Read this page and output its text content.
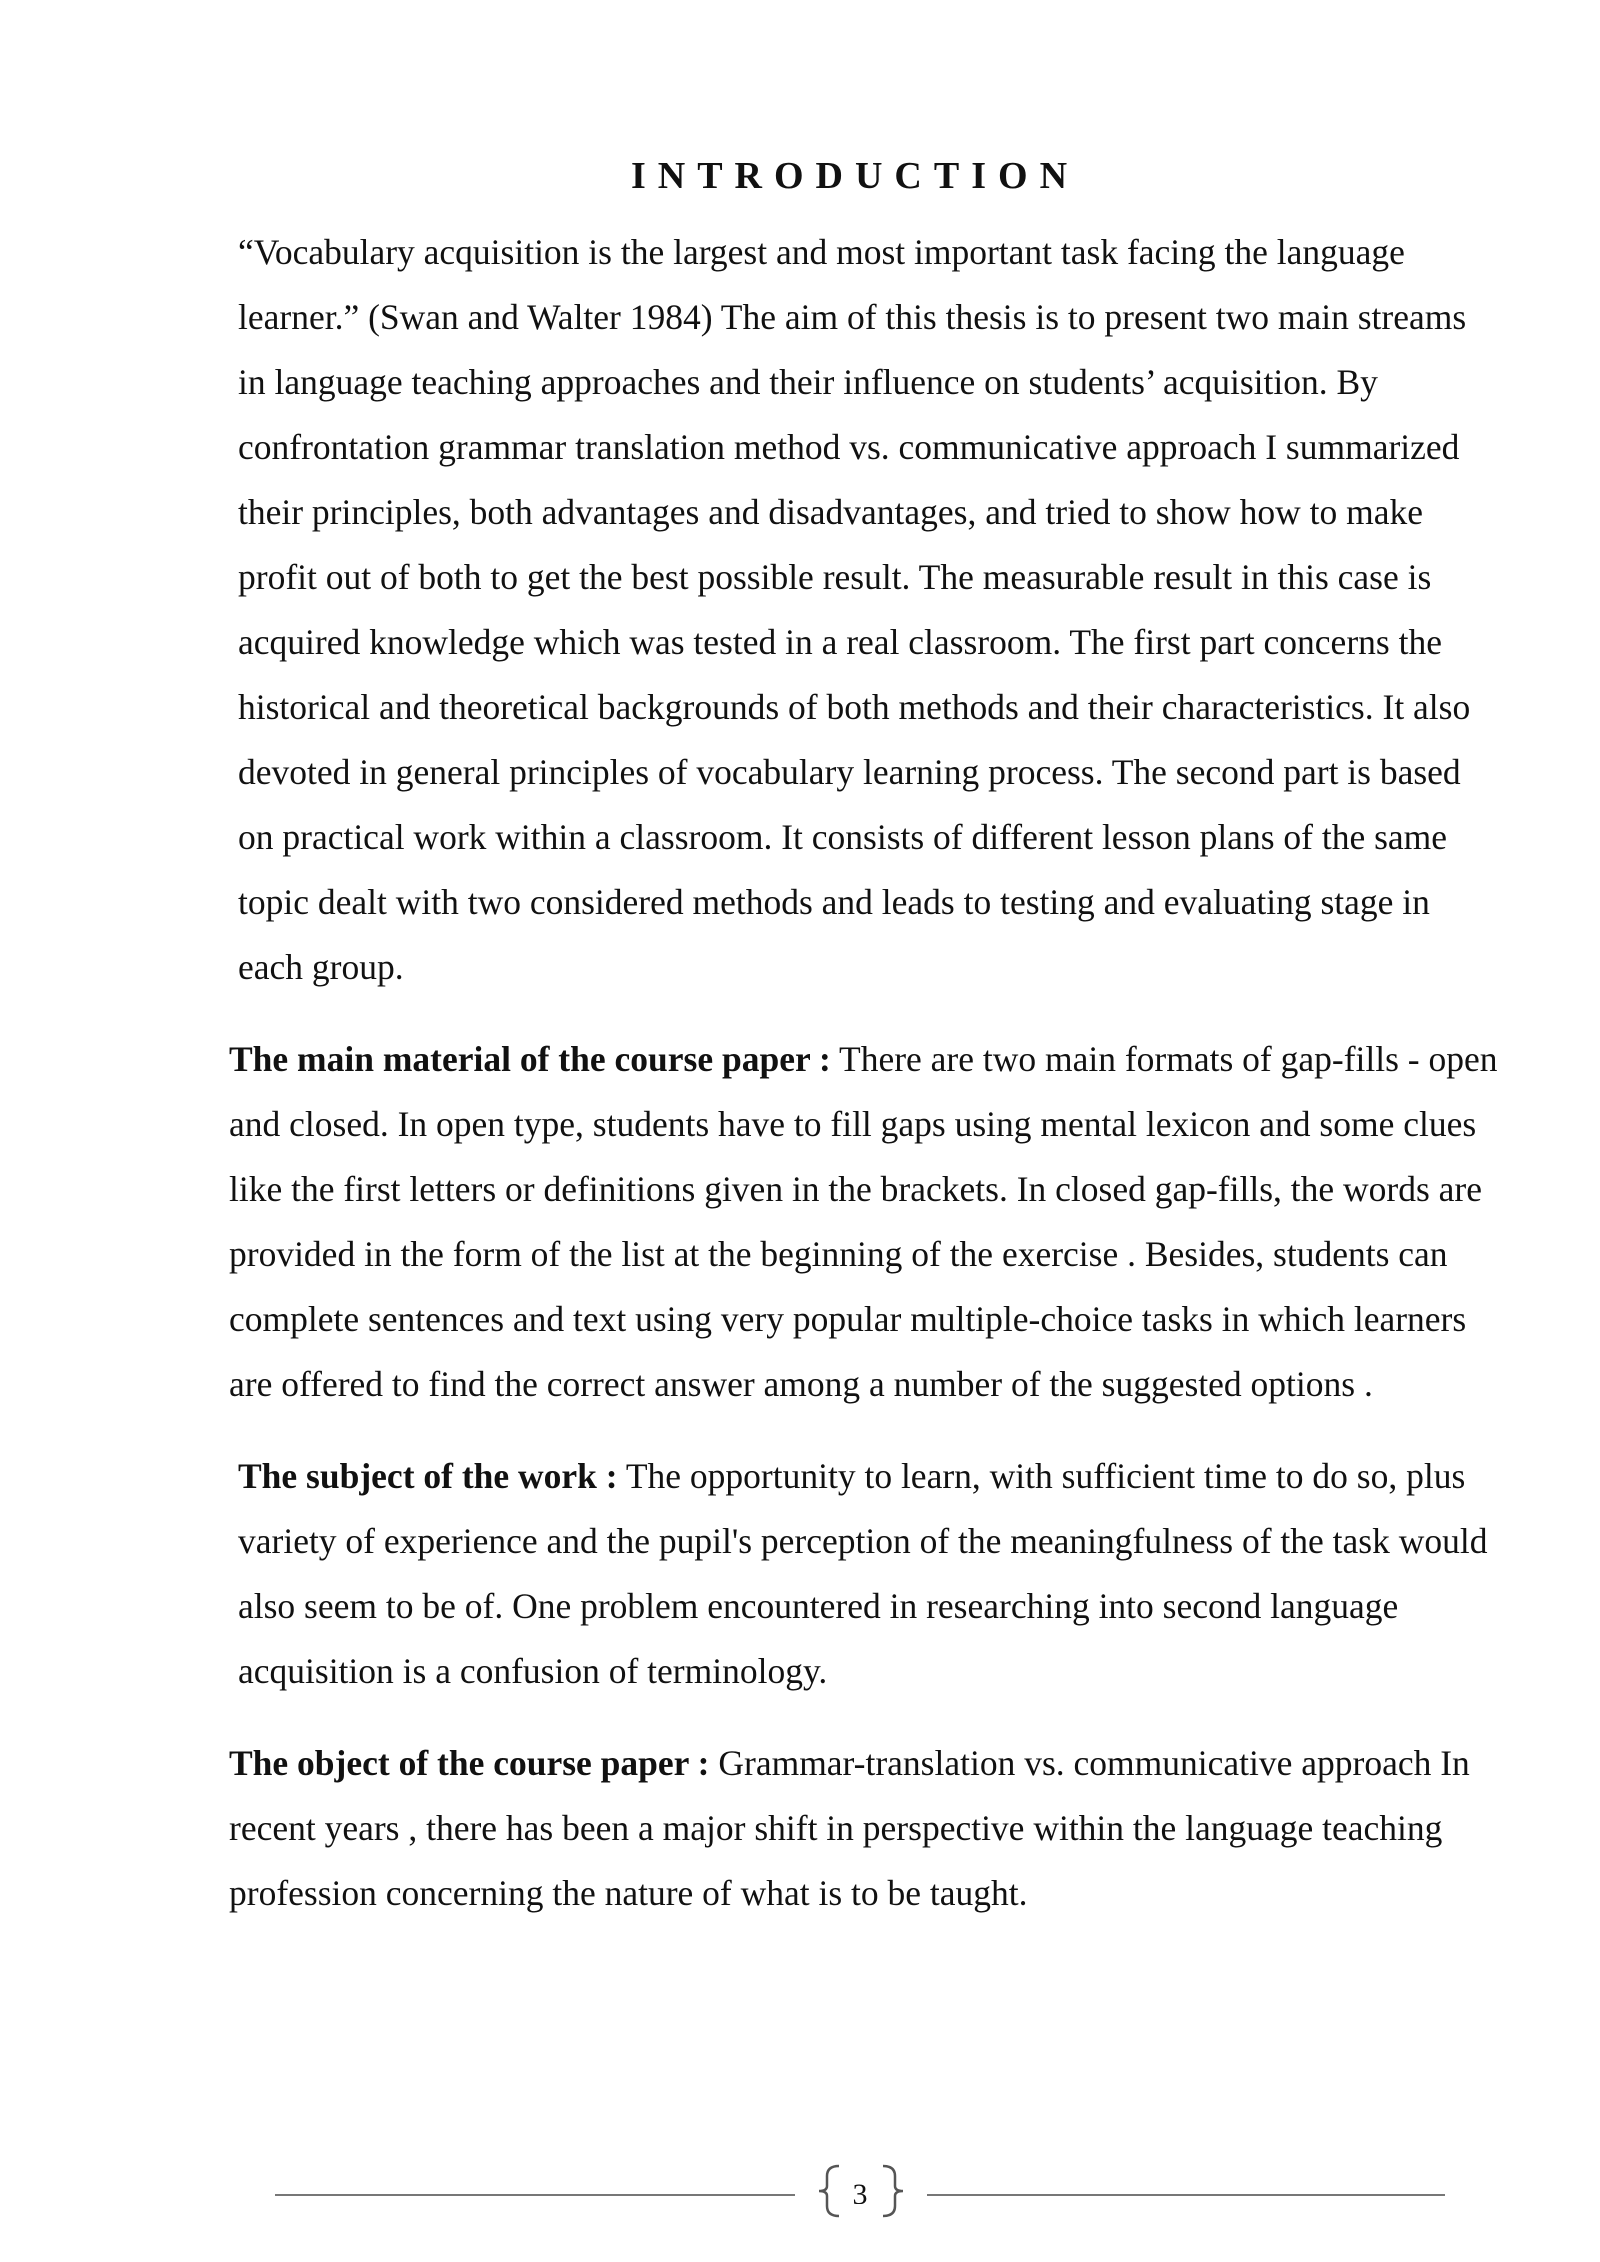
INTRODUCTION

“Vocabulary acquisition is the largest and most important task facing the language learner.” (Swan and Walter 1984) The aim of this thesis is to present two main streams in language teaching approaches and their influence on students’ acquisition. By confrontation grammar translation method vs. communicative approach I summarized their principles, both advantages and disadvantages, and tried to show how to make profit out of both to get the best possible result. The measurable result in this case is acquired knowledge which was tested in a real classroom. The first part concerns the historical and theoretical backgrounds of both methods and their characteristics. It also devoted in general principles of vocabulary learning process. The second part is based on practical work within a classroom. It consists of different lesson plans of the same topic dealt with two considered methods and leads to testing and evaluating stage in each group.

The main material of the course paper : There are two main formats of gap-fills - open and closed. In open type, students have to fill gaps using mental lexicon and some clues like the first letters or definitions given in the brackets. In closed gap-fills, the words are provided in the form of the list at the beginning of the exercise . Besides, students can complete sentences and text using very popular multiple-choice tasks in which learners are offered to find the correct answer among a number of the suggested options .

The subject of the work : The opportunity to learn, with sufficient time to do so, plus variety of experience and the pupil's perception of the meaningfulness of the task would also seem to be of. One problem encountered in researching into second language acquisition is a confusion of terminology.

The object of the course paper : Grammar-translation vs. communicative approach In recent years , there has been a major shift in perspective within the language teaching profession concerning the nature of what is to be taught.

3
